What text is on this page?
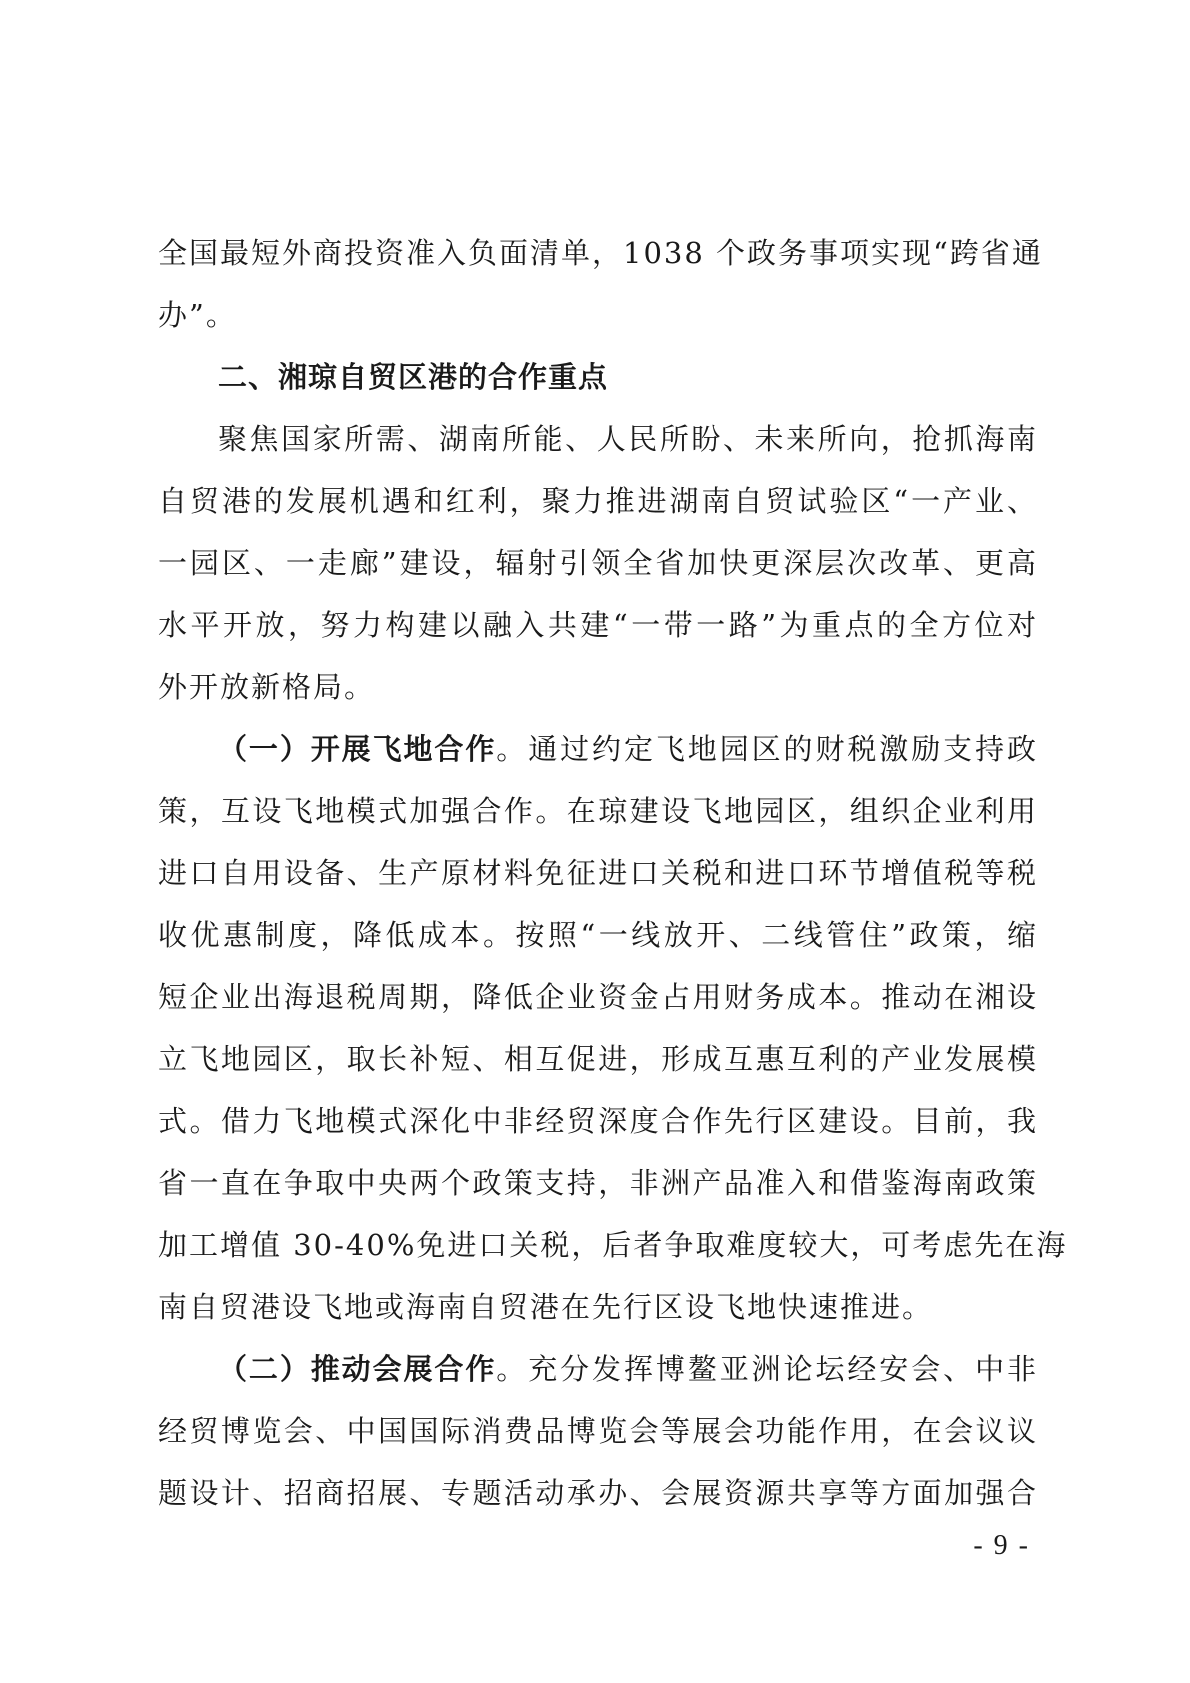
全国最短外商投资准入负面清单，1038 个政务事项实现“跨省通
办”。
二、湘琼自贸区港的合作重点
聚焦国家所需、湖南所能、人民所盼、未来所向，抢抓海南
自贸港的发展机遇和红利，聚力推进湖南自贸试验区“一产业、
一园区、一走廊”建设，辐射引领全省加快更深层次改革、更高
水平开放，努力构建以融入共建“一带一路”为重点的全方位对
外开放新格局。
（一）开展飞地合作。通过约定飞地园区的财税激励支持政
策，互设飞地模式加强合作。在琼建设飞地园区，组织企业利用
进口自用设备、生产原材料免征进口关税和进口环节增值税等税
收优惠制度，降低成本。按照“一线放开、二线管住”政策，缩
短企业出海退税周期，降低企业资金占用财务成本。推动在湘设
立飞地园区，取长补短、相互促进，形成互惠互利的产业发展模
式。借力飞地模式深化中非经贸深度合作先行区建设。目前，我
省一直在争取中央两个政策支持，非洲产品准入和借鉴海南政策
加工增值 30-40%免进口关税，后者争取难度较大，可考虑先在海
南自贸港设飞地或海南自贸港在先行区设飞地快速推进。
（二）推动会展合作。充分发挥博鳌亚洲论坛经安会、中非
经贸博览会、中国国际消费品博览会等展会功能作用，在会议议
题设计、招商招展、专题活动承办、会展资源共享等方面加强合
- 9 -
